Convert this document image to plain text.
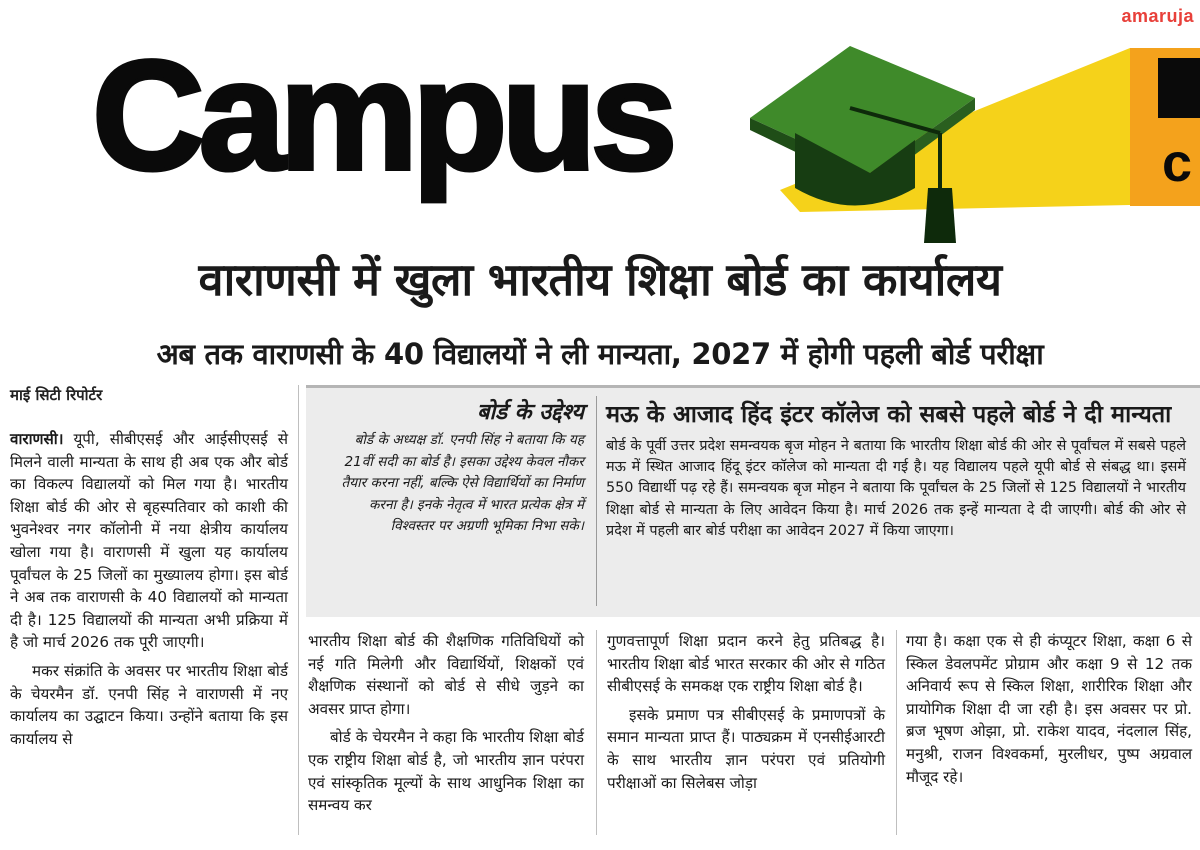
amaruja
Campus	c
वाराणसी में खुला भारतीय शिक्षा बोर्ड का कार्यालय
अब तक वाराणसी के 40 विद्यालयों ने ली मान्यता, 2027 में होगी पहली बोर्ड परीक्षा
माई सिटी रिपोर्टर

वाराणसी। यूपी, सीबीएसई और आईसीएसई से मिलने वाली मान्यता के साथ ही अब एक और बोर्ड का विकल्प विद्यालयों को मिल गया है। भारतीय शिक्षा बोर्ड की ओर से बृहस्पतिवार को काशी की भुवनेश्वर नगर कॉलोनी में नया क्षेत्रीय कार्यालय खोला गया है। वाराणसी में खुला यह कार्यालय पूर्वांचल के 25 जिलों का मुख्यालय होगा। इस बोर्ड ने अब तक वाराणसी के 40 विद्यालयों को मान्यता दी है। 125 विद्यालयों की मान्यता अभी प्रक्रिया में है जो मार्च 2026 तक पूरी जाएगी।

मकर संक्रांति के अवसर पर भारतीय शिक्षा बोर्ड के चेयरमैन डॉ. एनपी सिंह ने वाराणसी में नए कार्यालय का उद्घाटन किया। उन्होंने बताया कि इस कार्यालय से

बोर्ड के उद्देश्य
बोर्ड के अध्यक्ष डॉ. एनपी सिंह ने बताया कि यह 21वीं सदी का बोर्ड है। इसका उद्देश्य केवल नौकर तैयार करना नहीं, बल्कि ऐसे विद्यार्थियों का निर्माण करना है। इनके नेतृत्व में भारत प्रत्येक क्षेत्र में विश्वस्तर पर अग्रणी भूमिका निभा सके।
मऊ के आजाद हिंद इंटर कॉलेज को सबसे पहले बोर्ड ने दी मान्यता
बोर्ड के पूर्वी उत्तर प्रदेश समन्वयक बृज मोहन ने बताया कि भारतीय शिक्षा बोर्ड की ओर से पूर्वांचल में सबसे पहले मऊ में स्थित आजाद हिंदू इंटर कॉलेज को मान्यता दी गई है। यह विद्यालय पहले यूपी बोर्ड से संबद्ध था। इसमें 550 विद्यार्थी पढ़ रहे हैं। समन्वयक बृज मोहन ने बताया कि पूर्वांचल के 25 जिलों से 125 विद्यालयों ने भारतीय शिक्षा बोर्ड से मान्यता के लिए आवेदन किया है। मार्च 2026 तक इन्हें मान्यता दे दी जाएगी। बोर्ड की ओर से प्रदेश में पहली बार बोर्ड परीक्षा का आवेदन 2027 में किया जाएगा।

भारतीय शिक्षा बोर्ड की शैक्षणिक गतिविधियों को नई गति मिलेगी और विद्यार्थियों, शिक्षकों एवं शैक्षणिक संस्थानों को बोर्ड से सीधे जुड़ने का अवसर प्राप्त होगा।

बोर्ड के चेयरमैन ने कहा कि भारतीय शिक्षा बोर्ड एक राष्ट्रीय शिक्षा बोर्ड है, जो भारतीय ज्ञान परंपरा एवं सांस्कृतिक मूल्यों के साथ आधुनिक शिक्षा का समन्वय कर

गुणवत्तापूर्ण शिक्षा प्रदान करने हेतु प्रतिबद्ध है। भारतीय शिक्षा बोर्ड भारत सरकार की ओर से गठित सीबीएसई के समकक्ष एक राष्ट्रीय शिक्षा बोर्ड है।

इसके प्रमाण पत्र सीबीएसई के प्रमाणपत्रों के समान मान्यता प्राप्त हैं। पाठ्यक्रम में एनसीईआरटी के साथ भारतीय ज्ञान परंपरा एवं प्रतियोगी परीक्षाओं का सिलेबस जोड़ा

गया है। कक्षा एक से ही कंप्यूटर शिक्षा, कक्षा 6 से स्किल डेवलपमेंट प्रोग्राम और कक्षा 9 से 12 तक अनिवार्य रूप से स्किल शिक्षा, शारीरिक शिक्षा और प्रायोगिक शिक्षा दी जा रही है। इस अवसर पर प्रो. ब्रज भूषण ओझा, प्रो. राकेश यादव, नंदलाल सिंह, मनुश्री, राजन विश्वकर्मा, मुरलीधर, पुष्प अग्रवाल मौजूद रहे।
